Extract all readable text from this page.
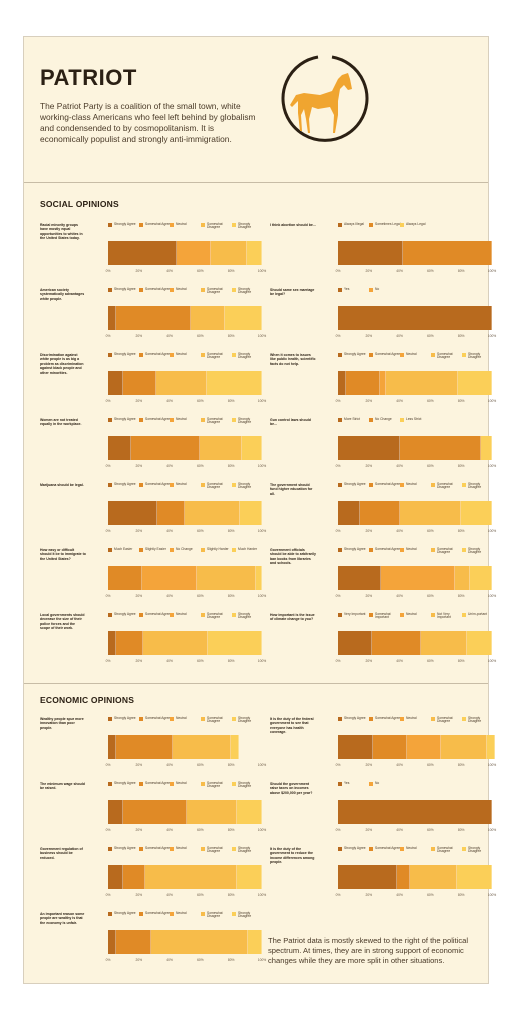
PATRIOT
The Patriot Party is a coalition of the small town, white working-class Americans who feel left behind by globalism and condensended to by cosmopolitanism. It is economically populist and strongly anti-immigration.
SOCIAL OPINIONS
Racial minority groups have mostly equal opportunities to whites in the United States today.
Strongly Agree	Somewhat Agree Neutral	Somewhat Disagree
Strongly Disagree
0%	20%	40%	60%	80%	100%
I think abortion should be...	Always Illegal	Sometimes Legal Always Legal
0%	20%	40%	60%	80%	100%
American society systematically advantages white people.
Strongly Agree	Somewhat Agree Neutral	Somewhat Disagree
Strongly Disagree
0%	20%	40%	60%	80%	100%
Should same sex marriage be legal?
Yes	No
0%	20%	40%	60%	80%	100%
Discrimination against white people is as big a problem as discrimination against black people and other minorities.
Strongly Agree	Somewhat Agree Neutral	Somewhat Disagree
Strongly Disagree
0%	20%	40%	60%	80%	100%
When it comes to issues like public health, scientific facts do not help.
Strongly Agree	Somewhat Agree Neutral	Somewhat Disagree
Strongly Disagree
0%	20%	40%	60%	80%	100%
Women are not treated equally in the workplace.
Strongly Agree	Somewhat Agree Neutral	Somewhat Disagree
Strongly Disagree
0%	20%	40%	60%	80%	100%
Gun control laws should be...
More Strict	No Change	Less Strict
0%	20%	40%	60%	80%	100%
Marijuana should be legal.	Strongly Agree	Somewhat Agree Neutral	Somewhat Disagree
Strongly Disagree
0%	20%	40%	60%	80%	100%
The government should fund higher education for all.
Strongly Agree	Somewhat Agree Neutral	Somewhat Disagree
Strongly Disagree
0%	20%	40%	60%	80%	100%
How easy or difficult should it be to immigrate to the United States?
Much Easier	Slightly Easier	No Change	Slightly Harder	Much Harder
0%	20%	40%	60%	80%	100%
Government officials should be able to arbitrarily ban books from libraries and schools.
Strongly Agree	Somewhat Agree Neutral	Somewhat Disagree
Strongly Disagree
0%	20%	40%	60%	80%	100%
Local governments should decrease the size of their police forces and the scope of their work.
Strongly Agree	Somewhat Agree Neutral	Somewhat Disagree
Strongly Disagree
0%	20%	40%	60%	80%	100%
How important is the issue of climate change to you?
Very Important	Somewhat Important
Neutral	Not Very Important
Unim-portant
0%	20%	40%	60%	80%	100%
ECONOMIC OPINIONS
Wealthy people spur more innovation than poor people.
Strongly Agree	Somewhat Agree Neutral	Somewhat Disagree
Strongly Disagree
0%	20%	40%	60%	80%	100%
It is the duty of the federal government to see that everyone has health coverage.
Strongly Agree	Somewhat Agree Neutral	Somewhat Disagree
Strongly Disagree
0%	20%	40%	60%	80%	100%
The minimum wage should be raised.
Strongly Agree	Somewhat Agree Neutral	Somewhat Disagree
Strongly Disagree
0%	20%	40%	60%	80%	100%
Should the government raise taxes on incomes above $200,000 per year?
Yes	No
0%	20%	40%	60%	80%	100%
Government regulation of business should be reduced.
Strongly Agree	Somewhat Agree Neutral	Somewhat Disagree
Strongly Disagree
0%	20%	40%	60%	80%	100%
It is the duty of the government to reduce the income differences among people.
Strongly Agree	Somewhat Agree Neutral	Somewhat Disagree
Strongly Disagree
0%	20%	40%	60%	80%	100%
An important reason some people are wealthy is that the economy is unfair.
Strongly Agree	Somewhat Agree Neutral	Somewhat Disagree
Strongly Disagree
0%	20%	40%	60%	80%	100%
The Patriot data is mostly skewed to the right of the political spectrum. At times, they are in strong support of economic changes while they are more split in other situations.
